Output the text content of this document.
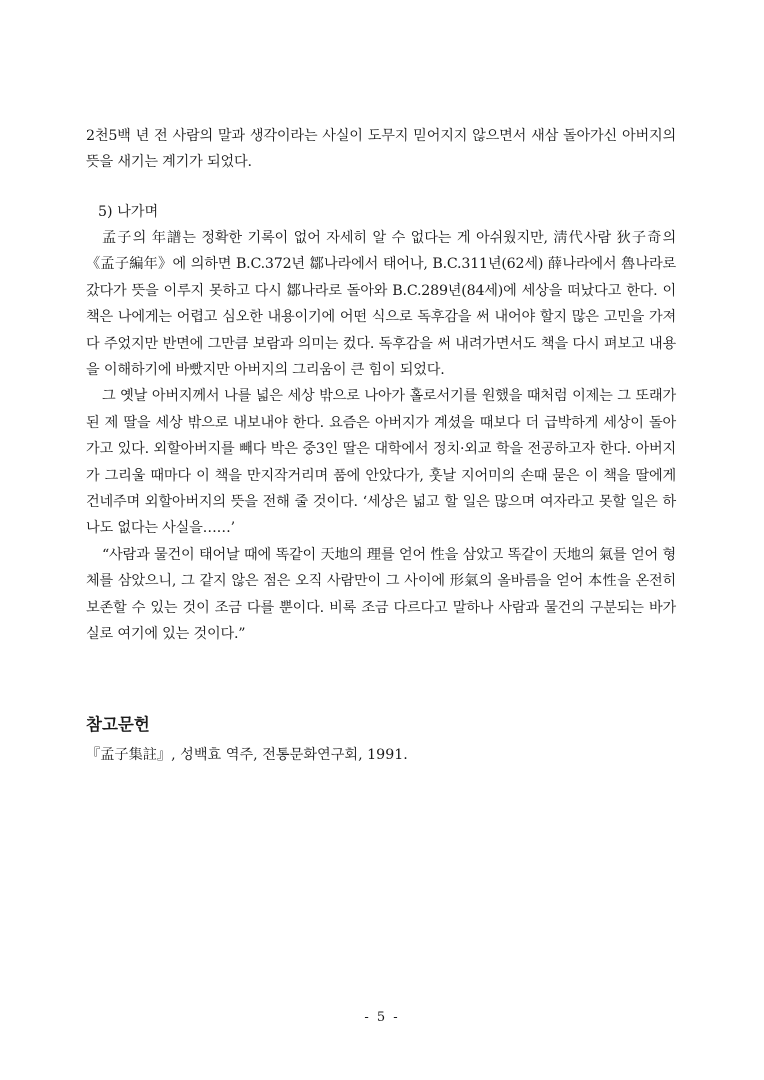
2천5백 년 전 사람의 말과 생각이라는 사실이 도무지 믿어지지 않으면서 새삼 돌아가신 아버지의 뜻을 새기는 계기가 되었다.

5) 나가며

孟子의 年譜는 정확한 기록이 없어 자세히 알 수 없다는 게 아쉬웠지만, 淸代사람 狄子奇의《孟子編年》에 의하면 B.C.372년 鄒나라에서 태어나, B.C.311년(62세) 薛나라에서 魯나라로 갔다가 뜻을 이루지 못하고 다시 鄒나라로 돌아와 B.C.289년(84세)에 세상을 떠났다고 한다. 이 책은 나에게는 어렵고 심오한 내용이기에 어떤 식으로 독후감을 써 내어야 할지 많은 고민을 가져 다 주었지만 반면에 그만큼 보람과 의미는 컸다. 독후감을 써 내려가면서도 책을 다시 펴보고 내용을 이해하기에 바빴지만 아버지의 그리움이 큰 힘이 되었다.

그 옛날 아버지께서 나를 넓은 세상 밖으로 나아가 홀로서기를 원했을 때처럼 이제는 그 또래가 된 제 딸을 세상 밖으로 내보내야 한다. 요즘은 아버지가 계셨을 때보다 더 급박하게 세상이 돌아가고 있다. 외할아버지를 빼다 박은 중3인 딸은 대학에서 정치·외교 학을 전공하고자 한다. 아버지가 그리울 때마다 이 책을 만지작거리며 품에 안았다가, 훗날 지어미의 손때 묻은 이 책을 딸에게 건네주며 외할아버지의 뜻을 전해 줄 것이다. ‘세상은 넓고 할 일은 많으며 여자라고 못할 일은 하나도 없다는 사실을……’

“사람과 물건이 태어날 때에 똑같이 天地의 理를 얻어 性을 삼았고 똑같이 天地의 氣를 얻어 형체를 삼았으니, 그 같지 않은 점은 오직 사람만이 그 사이에 形氣의 올바름을 얻어 本性을 온전히 보존할 수 있는 것이 조금 다를 뿐이다. 비록 조금 다르다고 말하나 사람과 물건의 구분되는 바가 실로 여기에 있는 것이다.”

참고문헌
『孟子集註』, 성백효 역주, 전통문화연구회, 1991.
- 5 -
